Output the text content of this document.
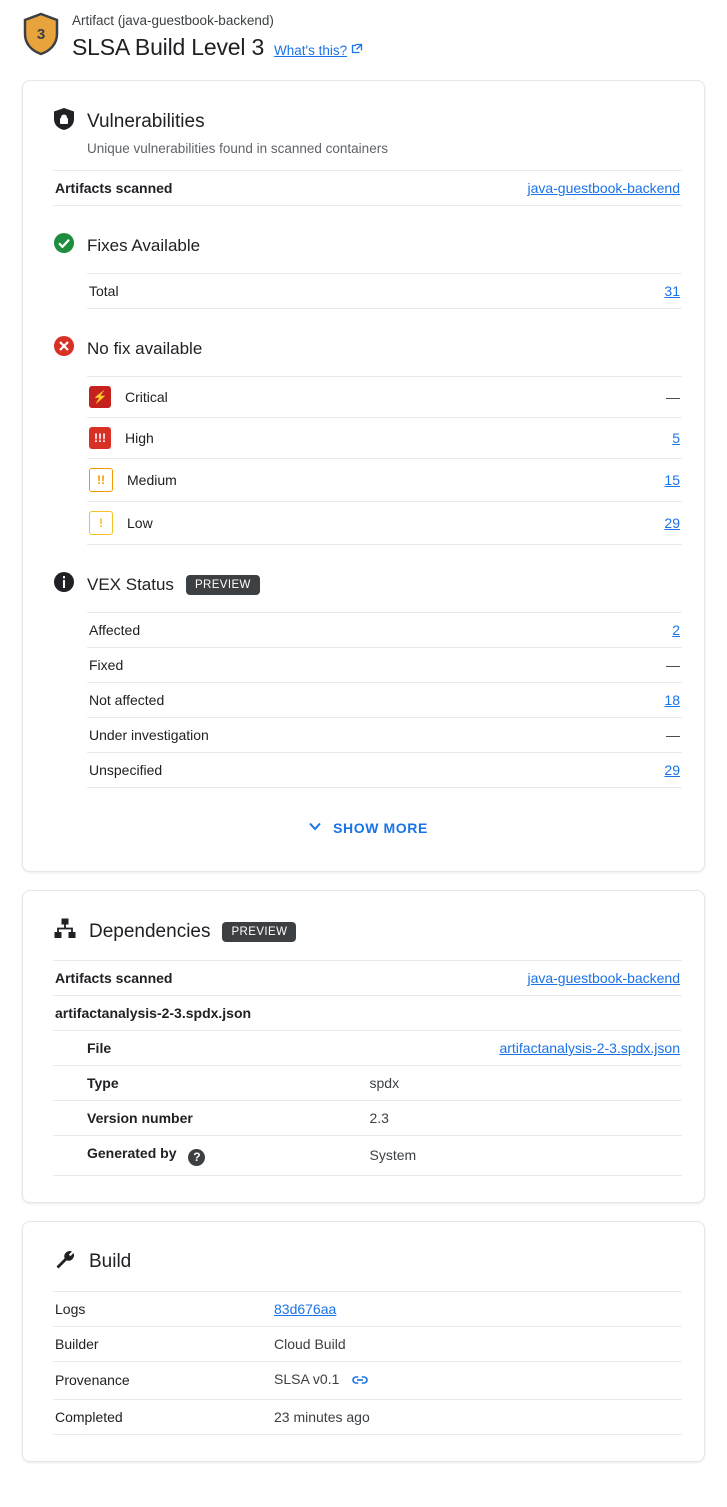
3
Artifact (java-guestbook-backend)
SLSA Build Level 3 What's this?
Vulnerabilities
Unique vulnerabilities found in scanned containers
Artifacts scanned	java-guestbook-backend
Fixes Available
Total	31
No fix available
⚡ Critical	—

!!! High	5

!! Medium	15

! Low	29
VEX Status	PREVIEW
Affected	2
Fixed	—
Not affected	18
Under investigation	—
Unspecified	29
SHOW MORE
Dependencies	PREVIEW
Artifacts scanned	java-guestbook-backend
artifactanalysis-2-3.spdx.json	
File	artifactanalysis-2-3.spdx.json
Type	spdx
Version number	2.3
Generated by ?	System
Build
Logs	83d676aa
Builder	Cloud Build
Provenance	SLSA v0.1
Completed	23 minutes ago
